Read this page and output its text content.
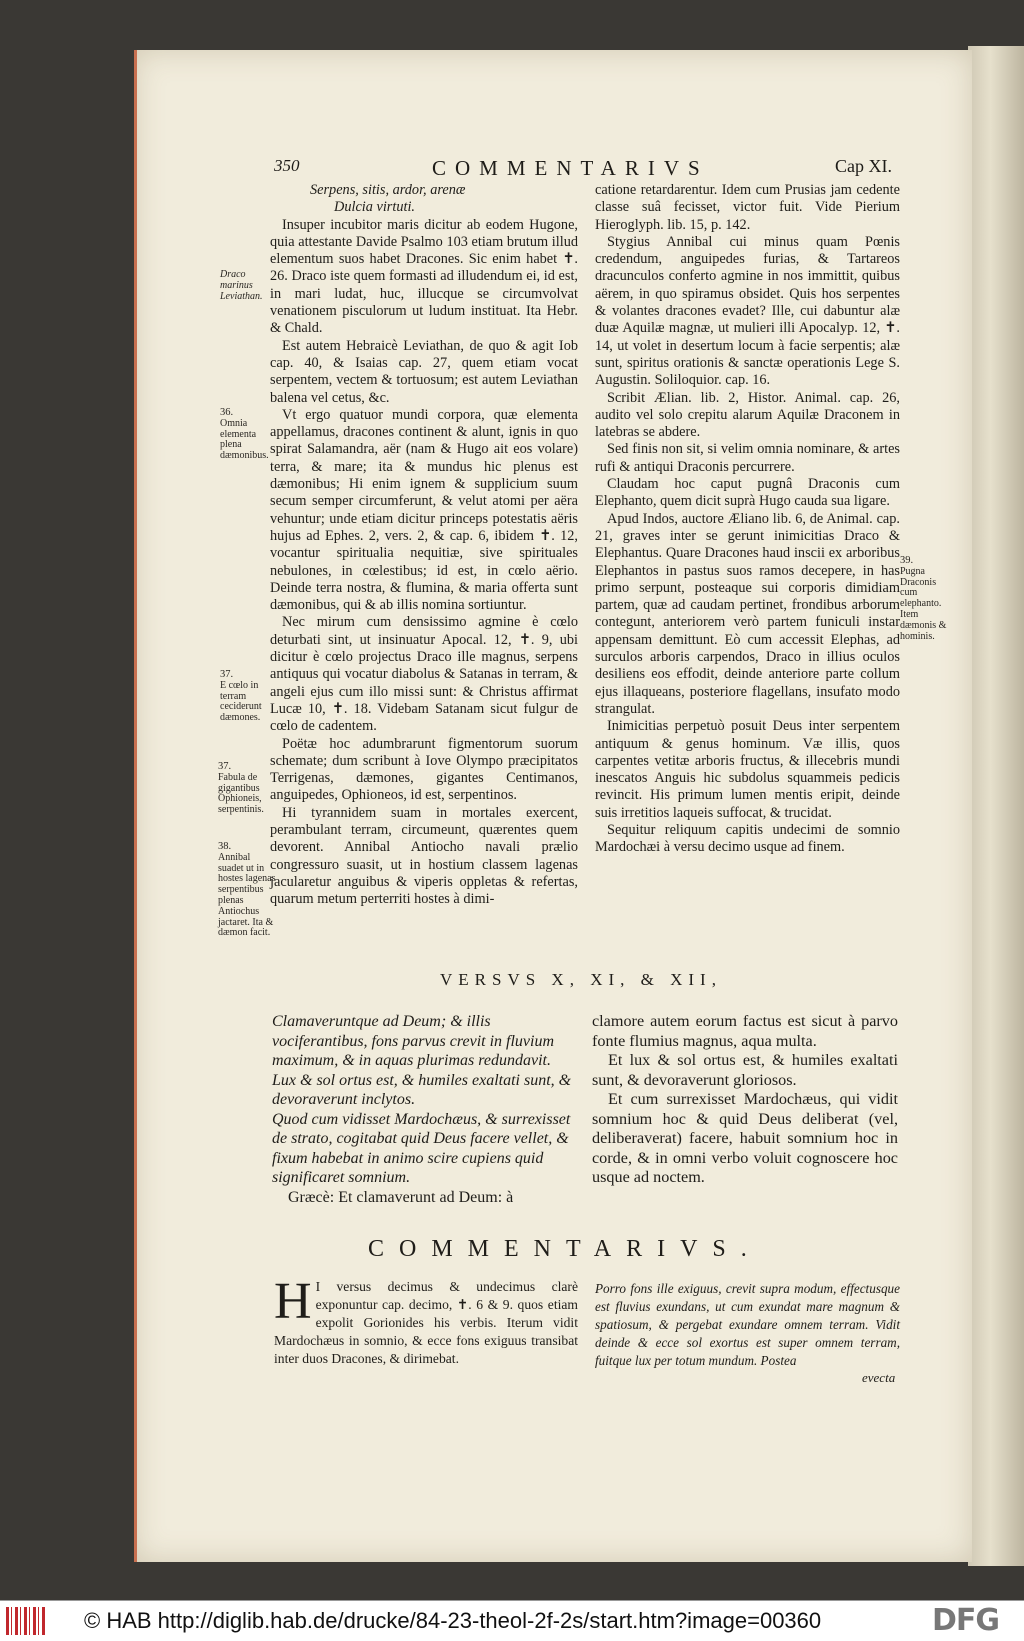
350	COMMENTARIVS	Cap XI.

Serpens, sitis, ardor, arenæ

Dulcia virtuti.

Insuper incubitor maris dicitur ab eodem Hugone, quia attestante Davide Psalmo 103 etiam brutum illud elementum suos habet Dracones. Sic enim habet ✝. 26. Draco iste quem formasti ad illudendum ei, id est, in mari ludat, huc, illucque se circumvolvat venationem pisculorum ut ludum instituat. Ita Hebr. & Chald.

Est autem Hebraicè Leviathan, de quo & agit Iob cap. 40, & Isaias cap. 27, quem etiam vocat serpentem, vectem & tortuosum; est autem Leviathan balena vel cetus, &c.

Vt ergo quatuor mundi corpora, quæ elementa appellamus, dracones continent & alunt, ignis in quo spirat Salamandra, aër (nam & Hugo ait eos volare) terra, & mare; ita & mundus hic plenus est dæmonibus; Hi enim ignem & supplicium suum secum semper circumferunt, & velut atomi per aëra vehuntur; unde etiam dicitur princeps potestatis aëris hujus ad Ephes. 2, vers. 2, & cap. 6, ibidem ✝. 12, vocantur spiritualia nequitiæ, sive spirituales nebulones, in cœlestibus; id est, in cœlo aërio. Deinde terra nostra, & flumina, & maria offerta sunt dæmonibus, qui & ab illis nomina sortiuntur.

Nec mirum cum densissimo agmine è cœlo deturbati sint, ut insinuatur Apocal. 12, ✝. 9, ubi dicitur è cœlo projectus Draco ille magnus, serpens antiquus qui vocatur diabolus & Satanas in terram, & angeli ejus cum illo missi sunt: & Christus affirmat Lucæ 10, ✝. 18. Videbam Satanam sicut fulgur de cœlo de cadentem.

Poëtæ hoc adumbrarunt figmentorum suorum schemate; dum scribunt à Iove Olympo præcipitatos Terrigenas, dæmones, gigantes Centimanos, anguipedes, Ophioneos, id est, serpentinos.

Hi tyrannidem suam in mortales exercent, perambulant terram, circumeunt, quærentes quem devorent. Annibal Antiocho navali prælio congressuro suasit, ut in hostium classem lagenas jacularetur anguibus & viperis oppletas & refertas, quarum metum perterriti hostes à dimi-

catione retardarentur. Idem cum Prusias jam cedente classe suâ fecisset, victor fuit. Vide Pierium Hieroglyph. lib. 15, p. 142.

Stygius Annibal cui minus quam Pœnis credendum, anguipedes furias, & Tartareos dracunculos conferto agmine in nos immittit, quibus aërem, in quo spiramus obsidet. Quis hos serpentes & volantes dracones evadet? Ille, cui dabuntur alæ duæ Aquilæ magnæ, ut mulieri illi Apocalyp. 12, ✝. 14, ut volet in desertum locum à facie serpentis; alæ sunt, spiritus orationis & sanctæ operationis Lege S. Augustin. Soliloquior. cap. 16.

Scribit Ælian. lib. 2, Histor. Animal. cap. 26, audito vel solo crepitu alarum Aquilæ Draconem in latebras se abdere.

Sed finis non sit, si velim omnia nominare, & artes rufi & antiqui Draconis percurrere.

Claudam hoc caput pugnâ Draconis cum Elephanto, quem dicit suprà Hugo cauda sua ligare.

Apud Indos, auctore Æliano lib. 6, de Animal. cap. 21, graves inter se gerunt inimicitias Draco & Elephantus. Quare Dracones haud inscii ex arboribus Elephantos in pastus suos ramos decepere, in has primo serpunt, posteaque sui corporis dimidiam partem, quæ ad caudam pertinet, frondibus arborum contegunt, anteriorem verò partem funiculi instar appensam demittunt. Eò cum accessit Elephas, ad surculos arboris carpendos, Draco in illius oculos desiliens eos effodit, deinde anteriore parte collum ejus illaqueans, posteriore flagellans, insufato modo strangulat.

Inimicitias perpetuò posuit Deus inter serpentem antiquum & genus hominum. Væ illis, quos carpentes vetitæ arboris fructus, & illecebris mundi inescatos Anguis hic subdolus squammeis pedicis revincit. His primum lumen mentis eripit, deinde suis irretitios laqueis suffocat, & trucidat.

Sequitur reliquum capitis undecimi de somnio Mardochæi à versu decimo usque ad finem.

Draco marinus Leviathan.
36.
Omnia elementa plena dæmonibus.
37.
E cœlo in terram ceciderunt dæmones.
37.
Fabula de gigantibus Ophioneis, serpentinis.
38.
Annibal suadet ut in hostes lagenas serpentibus plenas Antiochus jactaret. Ita & dæmon facit.
39.
Pugna Draconis cum elephanto. Item dæmonis & hominis.
VERSVS X, XI, & XII,

Clamaveruntque ad Deum; & illis vociferantibus, fons parvus crevit in fluvium maximum, & in aquas plurimas redundavit.

Lux & sol ortus est, & humiles exaltati sunt, & devoraverunt inclytos.

Quod cum vidisset Mardochæus, & surrexisset de strato, cogitabat quid Deus facere vellet, & fixum habebat in animo scire cupiens quid significaret somnium.

Græcè: Et clamaverunt ad Deum: à

clamore autem eorum factus est sicut à parvo fonte flumius magnus, aqua multa.

Et lux & sol ortus est, & humiles exaltati sunt, & devoraverunt gloriosos.

Et cum surrexisset Mardochæus, qui vidit somnium hoc & quid Deus deliberat (vel, deliberaverat) facere, habuit somnium hoc in corde, & in omni verbo voluit cognoscere hoc usque ad noctem.

COMMENTARIVS.
H I versus decimus & undecimus clarè exponuntur cap. decimo, ✝. 6 & 9. quos etiam expolit Gorionides his verbis. Iterum vidit Mardochæus in somnio, & ecce fons exiguus transibat inter duos Dracones, & dirimebat.

Porro fons ille exiguus, crevit supra modum, effectusque est fluvius exundans, ut cum exundat mare magnum & spatiosum, & pergebat exundare omnem terram. Vidit deinde & ecce sol exortus est super omnem terram, fuitque lux per totum mundum. Postea

evecta
© HAB http://diglib.hab.de/drucke/84-23-theol-2f-2s/start.htm?image=00360	DFG
